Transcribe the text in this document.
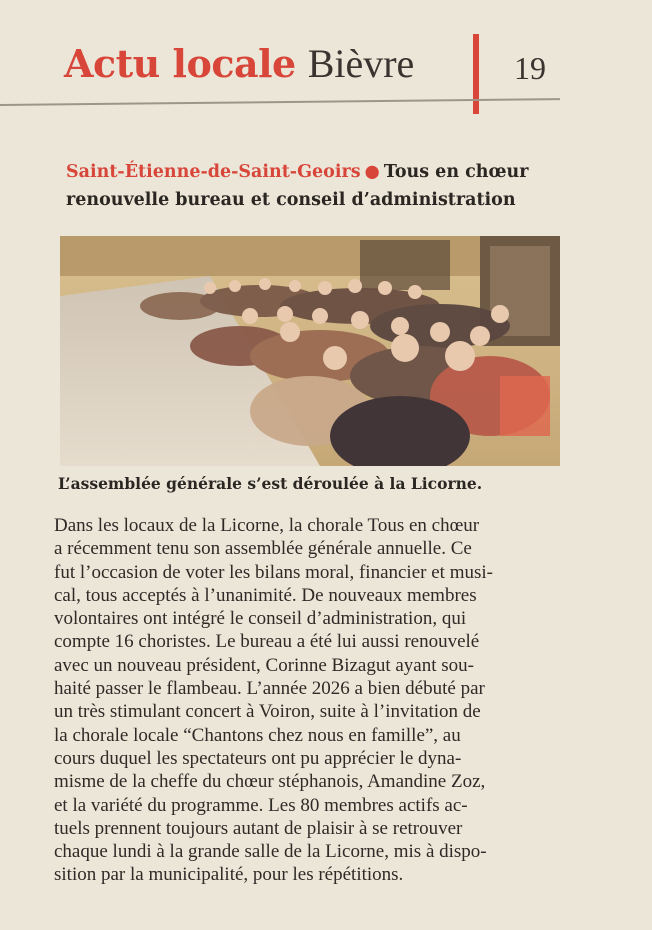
Actu locale Bièvre	19
Saint-Étienne-de-Saint-Geoirs ● Tous en chœur
renouvelle bureau et conseil d’administration
L’assemblée générale s’est déroulée à la Licorne.
Dans les locaux de la Licorne, la chorale Tous en chœur
a récemment tenu son assemblée générale annuelle. Ce
fut l’occasion de voter les bilans moral, financier et musi-
cal, tous acceptés à l’unanimité. De nouveaux membres
volontaires ont intégré le conseil d’administration, qui
compte 16 choristes. Le bureau a été lui aussi renouvelé
avec un nouveau président, Corinne Bizagut ayant sou-
haité passer le flambeau. L’année 2026 a bien débuté par
un très stimulant concert à Voiron, suite à l’invitation de
la chorale locale “Chantons chez nous en famille”, au
cours duquel les spectateurs ont pu apprécier le dyna-
misme de la cheffe du chœur stéphanois, Amandine Zoz,
et la variété du programme. Les 80 membres actifs ac-
tuels prennent toujours autant de plaisir à se retrouver
chaque lundi à la grande salle de la Licorne, mis à dispo-
sition par la municipalité, pour les répétitions.
